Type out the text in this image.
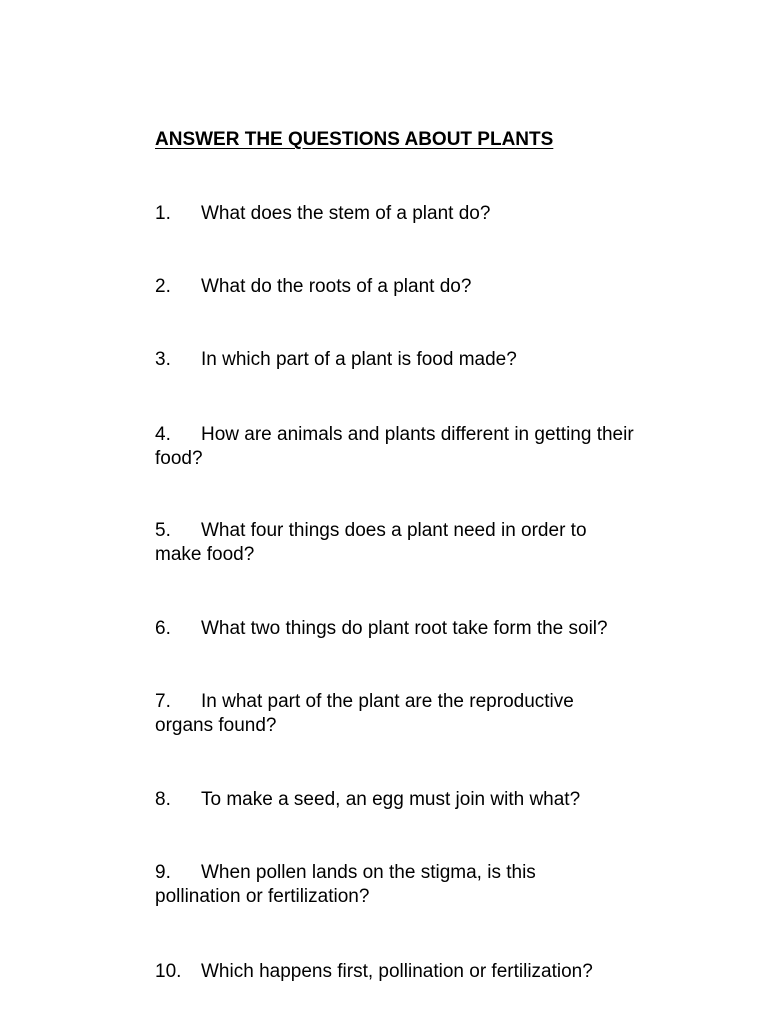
ANSWER THE QUESTIONS ABOUT PLANTS
1. What does the stem of a plant do?
2. What do the roots of a plant do?
3. In which part of a plant is food made?
4. How are animals and plants different in getting their food?
5. What four things does a plant need in order to make food?
6. What two things do plant root take form the soil?
7. In what part of the plant are the reproductive organs found?
8. To make a seed, an egg must join with what?
9. When pollen lands on the stigma, is this pollination or fertilization?
10. Which happens first, pollination or fertilization?
